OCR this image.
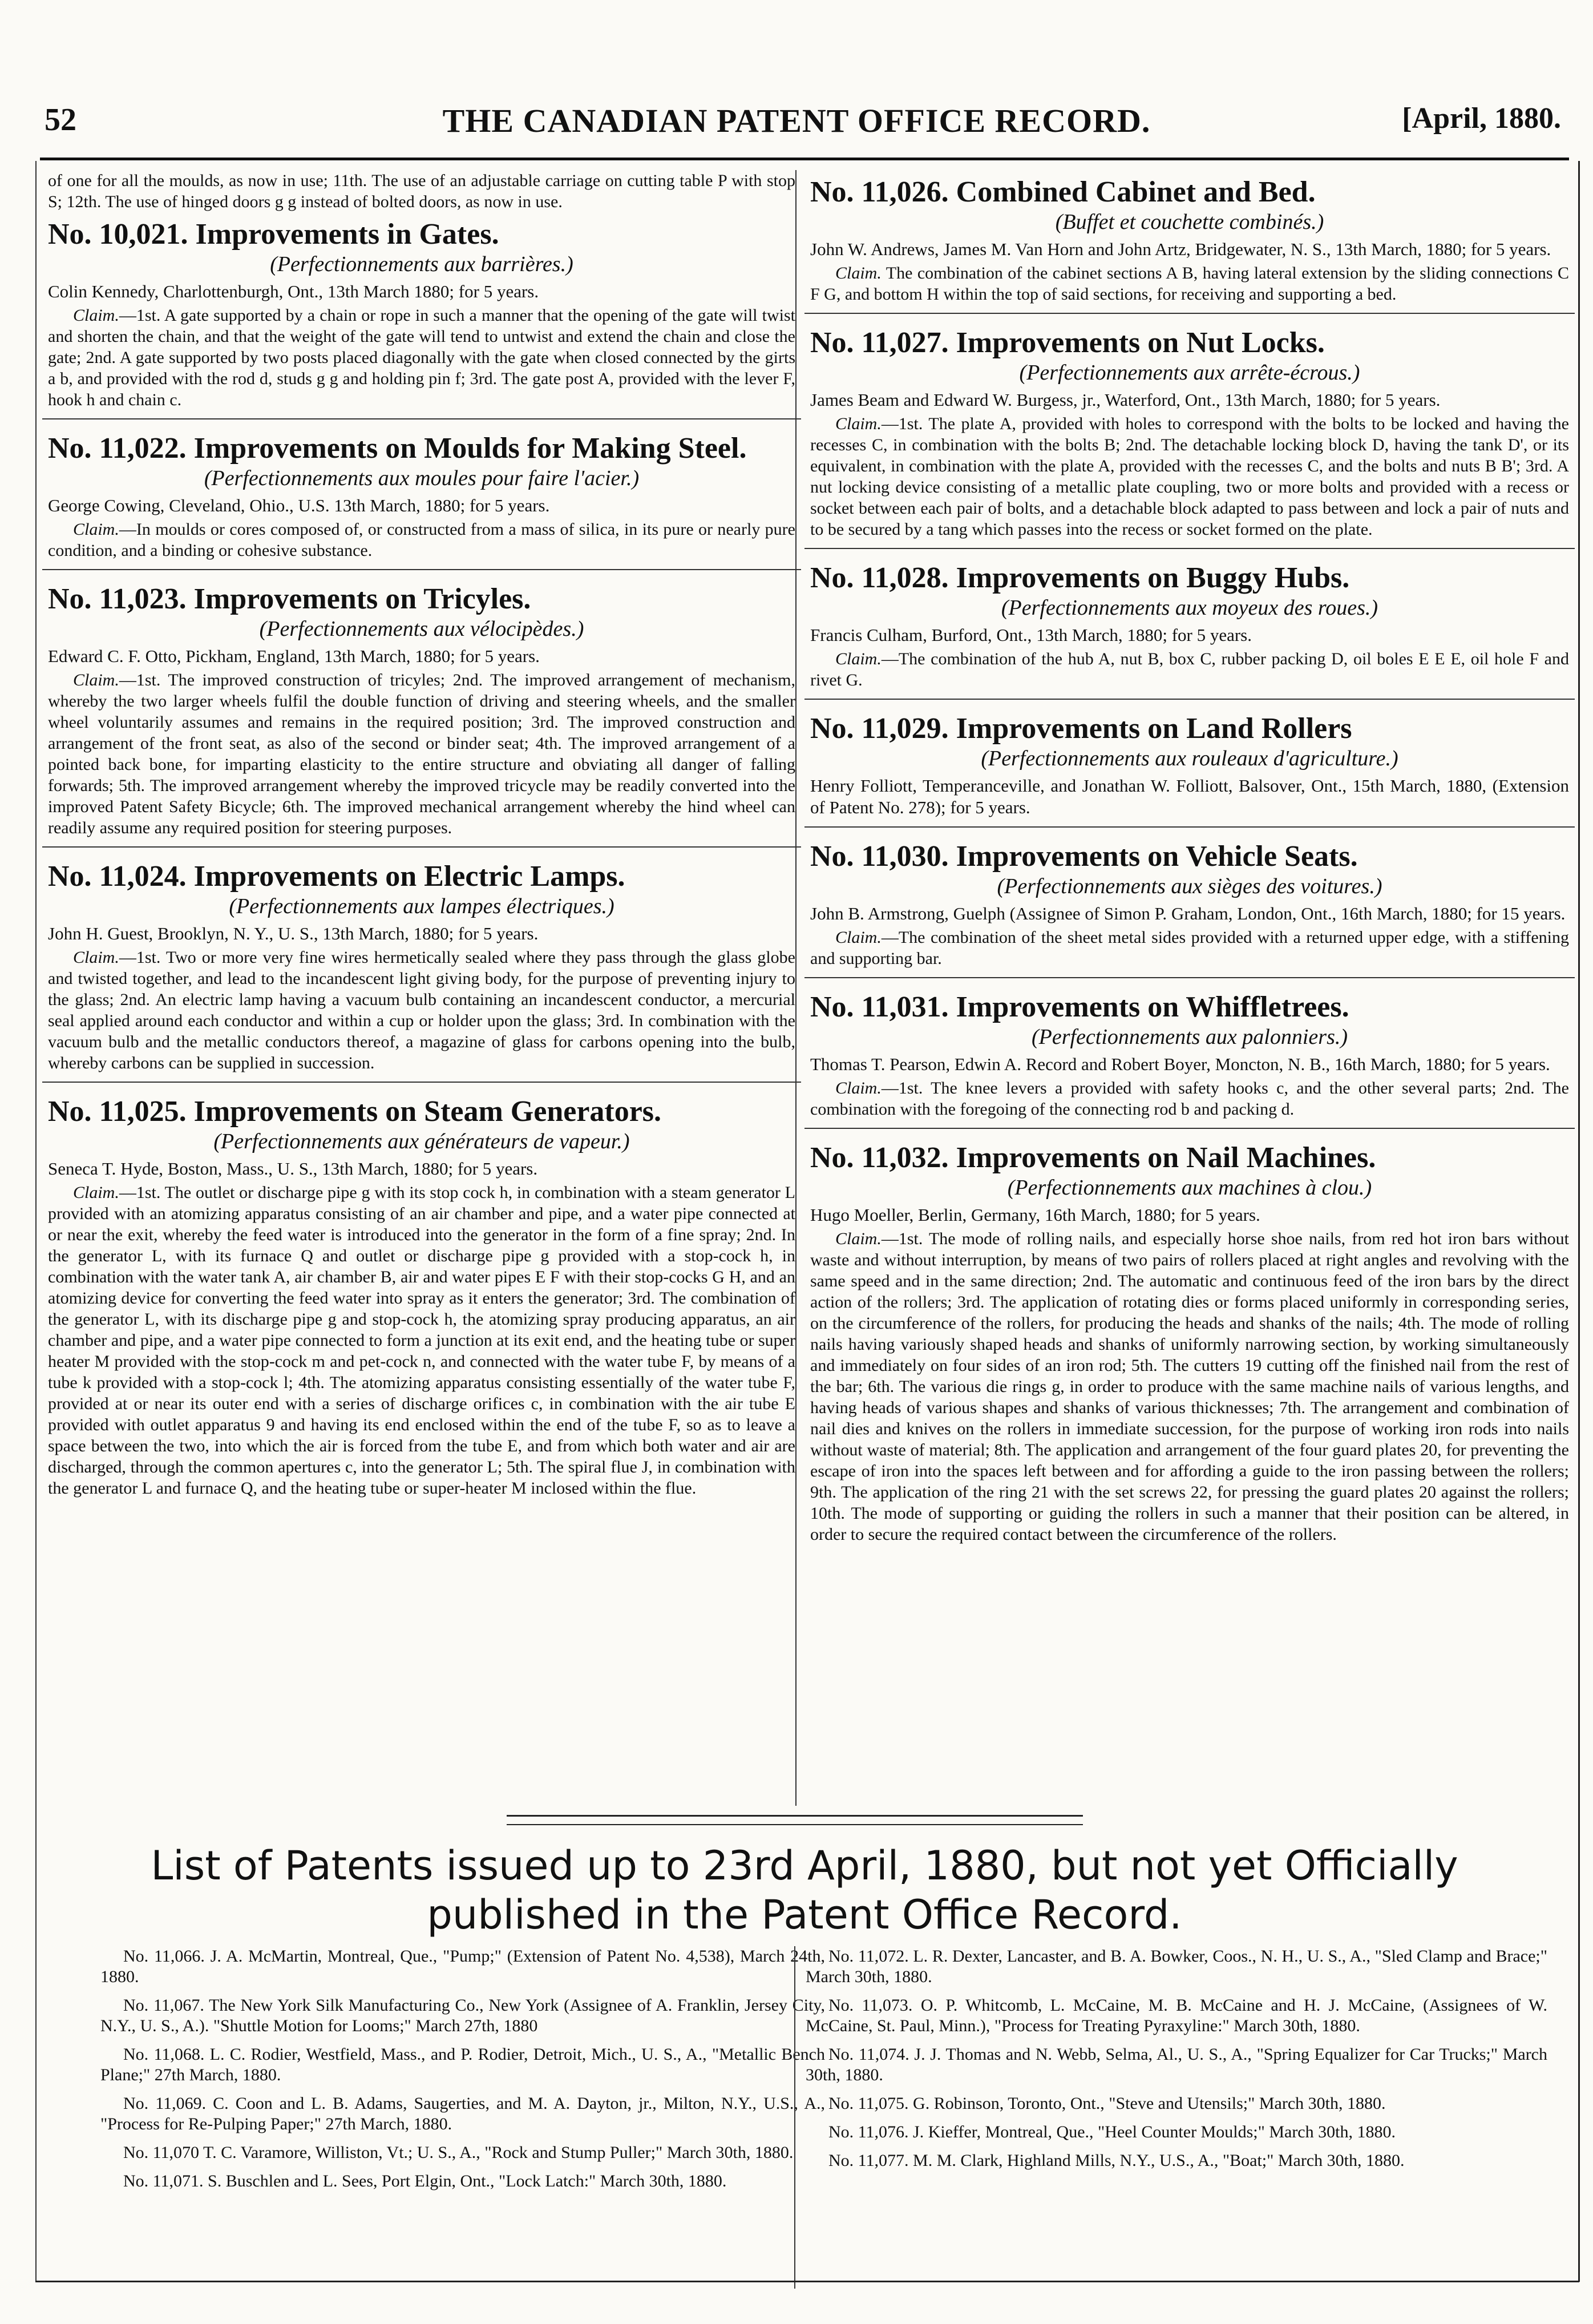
52	THE CANADIAN PATENT OFFICE RECORD.	[April, 1880.
of one for all the moulds, as now in use; 11th. The use of an adjustable carriage on cutting table P with stop S; 12th. The use of hinged doors g g instead of bolted doors, as now in use.
No. 10,021. Improvements in Gates.
(Perfectionnements aux barrières.)
Colin Kennedy, Charlottenburgh, Ont., 13th March 1880; for 5 years.
Claim.—1st. A gate supported by a chain or rope in such a manner that the opening of the gate will twist and shorten the chain, and that the weight of the gate will tend to untwist and extend the chain and close the gate; 2nd. A gate supported by two posts placed diagonally with the gate when closed connected by the girts a b, and provided with the rod d, studs g g and holding pin f; 3rd. The gate post A, provided with the lever F, hook h and chain c.
No. 11,022. Improvements on Moulds for Making Steel.
(Perfectionnements aux moules pour faire l'acier.)
George Cowing, Cleveland, Ohio., U.S. 13th March, 1880; for 5 years.
Claim.—In moulds or cores composed of, or constructed from a mass of silica, in its pure or nearly pure condition, and a binding or cohesive substance.
No. 11,023. Improvements on Tricyles.
(Perfectionnements aux vélocipèdes.)
Edward C. F. Otto, Pickham, England, 13th March, 1880; for 5 years.
Claim.—1st. The improved construction of tricyles; 2nd. The improved arrangement of mechanism, whereby the two larger wheels fulfil the double function of driving and steering wheels, and the smaller wheel voluntarily assumes and remains in the required position; 3rd. The improved construction and arrangement of the front seat, as also of the second or binder seat; 4th. The improved arrangement of a pointed back bone, for imparting elasticity to the entire structure and obviating all danger of falling forwards; 5th. The improved arrangement whereby the improved tricycle may be readily converted into the improved Patent Safety Bicycle; 6th. The improved mechanical arrangement whereby the hind wheel can readily assume any required position for steering purposes.
No. 11,024. Improvements on Electric Lamps.
(Perfectionnements aux lampes électriques.)
John H. Guest, Brooklyn, N. Y., U. S., 13th March, 1880; for 5 years.
Claim.—1st. Two or more very fine wires hermetically sealed where they pass through the glass globe and twisted together, and lead to the incandescent light giving body, for the purpose of preventing injury to the glass; 2nd. An electric lamp having a vacuum bulb containing an incandescent conductor, a mercurial seal applied around each conductor and within a cup or holder upon the glass; 3rd. In combination with the vacuum bulb and the metallic conductors thereof, a magazine of glass for carbons opening into the bulb, whereby carbons can be supplied in succession.
No. 11,025. Improvements on Steam Generators.
(Perfectionnements aux générateurs de vapeur.)
Seneca T. Hyde, Boston, Mass., U. S., 13th March, 1880; for 5 years.
Claim.—1st. The outlet or discharge pipe g with its stop cock h, in combination with a steam generator L provided with an atomizing apparatus consisting of an air chamber and pipe, and a water pipe connected at or near the exit, whereby the feed water is introduced into the generator in the form of a fine spray; 2nd. In the generator L, with its furnace Q and outlet or discharge pipe g provided with a stop-cock h, in combination with the water tank A, air chamber B, air and water pipes E F with their stop-cocks G H, and an atomizing device for converting the feed water into spray as it enters the generator; 3rd. The combination of the generator L, with its discharge pipe g and stop-cock h, the atomizing spray producing apparatus, an air chamber and pipe, and a water pipe connected to form a junction at its exit end, and the heating tube or super heater M provided with the stop-cock m and pet-cock n, and connected with the water tube F, by means of a tube k provided with a stop-cock l; 4th. The atomizing apparatus consisting essentially of the water tube F, provided at or near its outer end with a series of discharge orifices c, in combination with the air tube E provided with outlet apparatus 9 and having its end enclosed within the end of the tube F, so as to leave a space between the two, into which the air is forced from the tube E, and from which both water and air are discharged, through the common apertures c, into the generator L; 5th. The spiral flue J, in combination with the generator L and furnace Q, and the heating tube or super-heater M inclosed within the flue.
No. 11,026. Combined Cabinet and Bed.
(Buffet et couchette combinés.)
John W. Andrews, James M. Van Horn and John Artz, Bridgewater, N. S., 13th March, 1880; for 5 years.
Claim. The combination of the cabinet sections A B, having lateral extension by the sliding connections C F G, and bottom H within the top of said sections, for receiving and supporting a bed.
No. 11,027. Improvements on Nut Locks.
(Perfectionnements aux arrête-écrous.)
James Beam and Edward W. Burgess, jr., Waterford, Ont., 13th March, 1880; for 5 years.
Claim.—1st. The plate A, provided with holes to correspond with the bolts to be locked and having the recesses C, in combination with the bolts B; 2nd. The detachable locking block D, having the tank D', or its equivalent, in combination with the plate A, provided with the recesses C, and the bolts and nuts B B'; 3rd. A nut locking device consisting of a metallic plate coupling, two or more bolts and provided with a recess or socket between each pair of bolts, and a detachable block adapted to pass between and lock a pair of nuts and to be secured by a tang which passes into the recess or socket formed on the plate.
No. 11,028. Improvements on Buggy Hubs.
(Perfectionnements aux moyeux des roues.)
Francis Culham, Burford, Ont., 13th March, 1880; for 5 years.
Claim.—The combination of the hub A, nut B, box C, rubber packing D, oil boles E E E, oil hole F and rivet G.
No. 11,029. Improvements on Land Rollers
(Perfectionnements aux rouleaux d'agriculture.)
Henry Folliott, Temperanceville, and Jonathan W. Folliott, Balsover, Ont., 15th March, 1880, (Extension of Patent No. 278); for 5 years.
No. 11,030. Improvements on Vehicle Seats.
(Perfectionnements aux sièges des voitures.)
John B. Armstrong, Guelph (Assignee of Simon P. Graham, London, Ont., 16th March, 1880; for 15 years.
Claim.—The combination of the sheet metal sides provided with a returned upper edge, with a stiffening and supporting bar.
No. 11,031. Improvements on Whiffletrees.
(Perfectionnements aux palonniers.)
Thomas T. Pearson, Edwin A. Record and Robert Boyer, Moncton, N. B., 16th March, 1880; for 5 years.
Claim.—1st. The knee levers a provided with safety hooks c, and the other several parts; 2nd. The combination with the foregoing of the connecting rod b and packing d.
No. 11,032. Improvements on Nail Machines.
(Perfectionnements aux machines à clou.)
Hugo Moeller, Berlin, Germany, 16th March, 1880; for 5 years.
Claim.—1st. The mode of rolling nails, and especially horse shoe nails, from red hot iron bars without waste and without interruption, by means of two pairs of rollers placed at right angles and revolving with the same speed and in the same direction; 2nd. The automatic and continuous feed of the iron bars by the direct action of the rollers; 3rd. The application of rotating dies or forms placed uniformly in corresponding series, on the circumference of the rollers, for producing the heads and shanks of the nails; 4th. The mode of rolling nails having variously shaped heads and shanks of uniformly narrowing section, by working simultaneously and immediately on four sides of an iron rod; 5th. The cutters 19 cutting off the finished nail from the rest of the bar; 6th. The various die rings g, in order to produce with the same machine nails of various lengths, and having heads of various shapes and shanks of various thicknesses; 7th. The arrangement and combination of nail dies and knives on the rollers in immediate succession, for the purpose of working iron rods into nails without waste of material; 8th. The application and arrangement of the four guard plates 20, for preventing the escape of iron into the spaces left between and for affording a guide to the iron passing between the rollers; 9th. The application of the ring 21 with the set screws 22, for pressing the guard plates 20 against the rollers; 10th. The mode of supporting or guiding the rollers in such a manner that their position can be altered, in order to secure the required contact between the circumference of the rollers.
List of Patents issued up to 23rd April, 1880, but not yet Officially published in the Patent Office Record.
No. 11,066. J. A. McMartin, Montreal, Que., "Pump;" (Extension of Patent No. 4,538), March 24th, 1880.
No. 11,067. The New York Silk Manufacturing Co., New York (Assignee of A. Franklin, Jersey City, N.Y., U. S., A.). "Shuttle Motion for Looms;" March 27th, 1880
No. 11,068. L. C. Rodier, Westfield, Mass., and P. Rodier, Detroit, Mich., U. S., A., "Metallic Bench Plane;" 27th March, 1880.
No. 11,069. C. Coon and L. B. Adams, Saugerties, and M. A. Dayton, jr., Milton, N.Y., U.S., A., "Process for Re-Pulping Paper;" 27th March, 1880.
No. 11,070 T. C. Varamore, Williston, Vt.; U. S., A., "Rock and Stump Puller;" March 30th, 1880.
No. 11,071. S. Buschlen and L. Sees, Port Elgin, Ont., "Lock Latch:" March 30th, 1880.
No. 11,072. L. R. Dexter, Lancaster, and B. A. Bowker, Coos., N. H., U. S., A., "Sled Clamp and Brace;" March 30th, 1880.
No. 11,073. O. P. Whitcomb, L. McCaine, M. B. McCaine and H. J. McCaine, (Assignees of W. McCaine, St. Paul, Minn.), "Process for Treating Pyraxyline:" March 30th, 1880.
No. 11,074. J. J. Thomas and N. Webb, Selma, Al., U. S., A., "Spring Equalizer for Car Trucks;" March 30th, 1880.
No. 11,075. G. Robinson, Toronto, Ont., "Steve and Utensils;" March 30th, 1880.
No. 11,076. J. Kieffer, Montreal, Que., "Heel Counter Moulds;" March 30th, 1880.
No. 11,077. M. M. Clark, Highland Mills, N.Y., U.S., A., "Boat;" March 30th, 1880.
